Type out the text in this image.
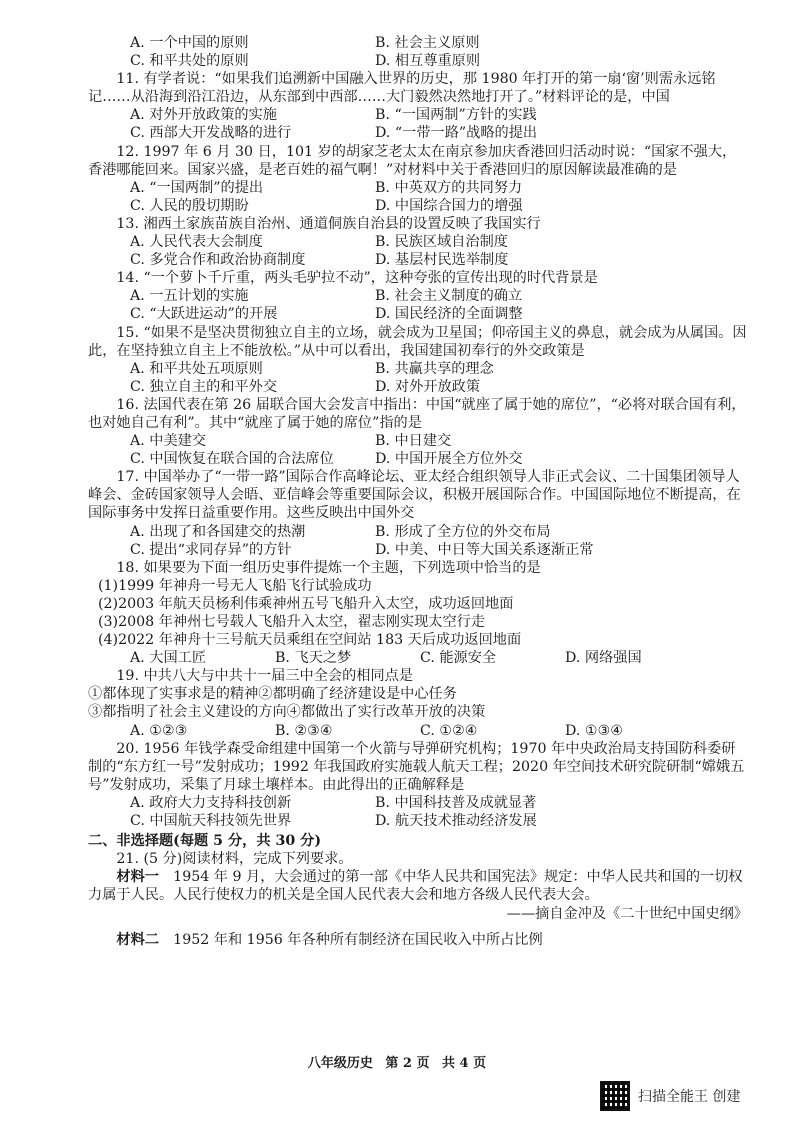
A. 一个中国的原则	B. 社会主义原则
C. 和平共处的原则	D. 相互尊重原则

11. 有学者说：“如果我们追溯新中国融入世界的历史，那 1980 年打开的第一扇‘窗’则需永远铭记……从沿海到沿江沿边，从东部到中西部……大门毅然决然地打开了。”材料评论的是，中国

A. 对外开放政策的实施	B. “一国两制”方针的实践
C. 西部大开发战略的进行	D. “一带一路”战略的提出

12. 1997 年 6 月 30 日，101 岁的胡家芝老太太在南京参加庆香港回归活动时说：“国家不强大，香港哪能回来。国家兴盛，是老百姓的福气啊！”对材料中关于香港回归的原因解读最准确的是

A. “一国两制”的提出	B. 中英双方的共同努力
C. 人民的殷切期盼	D. 中国综合国力的增强

13. 湘西土家族苗族自治州、通道侗族自治县的设置反映了我国实行

A. 人民代表大会制度	B. 民族区域自治制度
C. 多党合作和政治协商制度	D. 基层村民选举制度

14. “一个萝卜千斤重，两头毛驴拉不动”，这种夸张的宣传出现的时代背景是

A. 一五计划的实施	B. 社会主义制度的确立
C. “大跃进运动”的开展	D. 国民经济的全面调整

15. “如果不是坚决贯彻独立自主的立场，就会成为卫星国；仰帝国主义的鼻息，就会成为从属国。因此，在坚持独立自主上不能放松。”从中可以看出，我国建国初奉行的外交政策是

A. 和平共处五项原则	B. 共赢共享的理念
C. 独立自主的和平外交	D. 对外开放政策

16. 法国代表在第 26 届联合国大会发言中指出：中国“就座了属于她的席位”，“必将对联合国有利，也对她自己有利”。其中“就座了属于她的席位”指的是

A. 中美建交	B. 中日建交
C. 中国恢复在联合国的合法席位	D. 中国开展全方位外交

17. 中国举办了“一带一路”国际合作高峰论坛、亚太经合组织领导人非正式会议、二十国集团领导人峰会、金砖国家领导人会晤、亚信峰会等重要国际会议，积极开展国际合作。中国国际地位不断提高，在国际事务中发挥日益重要作用。这些反映出中国外交

A. 出现了和各国建交的热潮	B. 形成了全方位的外交布局
C. 提出“求同存异”的方针	D. 中美、中日等大国关系逐渐正常

18. 如果要为下面一组历史事件提炼一个主题，下列选项中恰当的是

(1)1999 年神舟一号无人飞船飞行试验成功

(2)2003 年航天员杨利伟乘神州五号飞船升入太空，成功返回地面

(3)2008 年神州七号载人飞船升入太空，翟志刚实现太空行走

(4)2022 年神舟十三号航天员乘组在空间站 183 天后成功返回地面

A. 大国工匠	B. 飞天之梦	C. 能源安全	D. 网络强国

19. 中共八大与中共十一届三中全会的相同点是

①都体现了实事求是的精神②都明确了经济建设是中心任务

③都指明了社会主义建设的方向④都做出了实行改革开放的决策

A. ①②③	B. ②③④	C. ①②④	D. ①③④

20. 1956 年钱学森受命组建中国第一个火箭与导弹研究机构；1970 年中央政治局支持国防科委研制的“东方红一号”发射成功；1992 年我国政府实施载人航天工程；2020 年空间技术研究院研制“嫦娥五号”发射成功，采集了月球土壤样本。由此得出的正确解释是

A. 政府大力支持科技创新	B. 中国科技普及成就显著
C. 中国航天科技领先世界	D. 航天技术推动经济发展

二、非选择题(每题 5 分，共 30 分)

21. (5 分)阅读材料，完成下列要求。

材料一　 1954 年 9 月，大会通过的第一部《中华人民共和国宪法》规定：中华人民共和国的一切权力属于人民。人民行使权力的机关是全国人民代表大会和地方各级人民代表大会。

——摘自金冲及《二十世纪中国史纲》

材料二　 1952 年和 1956 年各种所有制经济在国民收入中所占比例

八年级历史 第 2 页 共 4 页
扫描全能王 创建
